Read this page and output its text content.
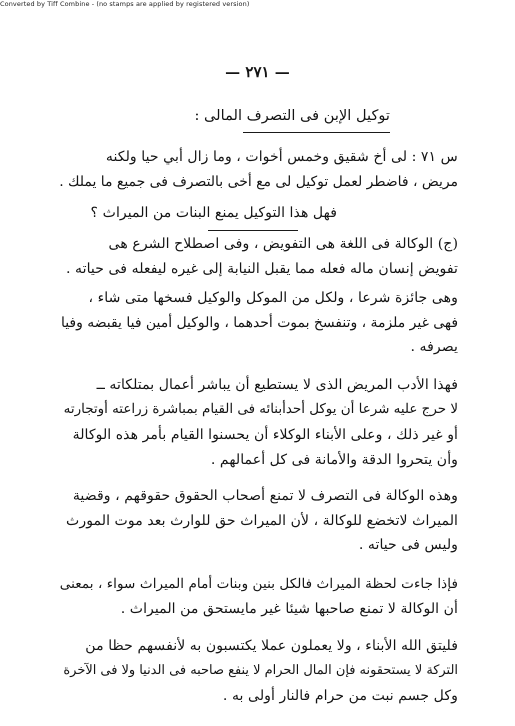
Converted by Tiff Combine - (no stamps are applied by registered version)
— ٢٧١ —
توكيل الإبن فى التصرف المالى :
س ٧١ : لى أخ شقيق وخمس أخوات ، وما زال أبي حيا ولكنه
مريض ، فاضطر لعمل توكيل لى مع أخى بالتصرف فى جميع ما يملك .
فهل هذا التوكيل يمنع البنات من الميراث ؟
(ج) الوكالة فى اللغة هى التفويض ، وفى اصطلاح الشرع هى
تفويض إنسان ماله فعله مما يقبل النيابة إلى غيره ليفعله فى حياته .
وهى جائزة شرعا ، ولكل من الموكل والوكيل فسخها متى شاء ،
فهى غير ملزمة ، وتنفسخ بموت أحدهما ، والوكيل أمين فيا يقبضه وفيا
يصرفه .
فهذا الأدب المريض الذى لا يستطيع أن يباشر أعمال بمتلكاته ــ
لا حرج عليه شرعا أن يوكل أحدأبنائه فى القيام بمباشرة زراعته أوتجارته
أو غير ذلك ، وعلى الأبناء الوكلاء أن يحسنوا القيام بأمر هذه الوكالة
وأن يتحروا الدقة والأمانة فى كل أعمالهم .
وهذه الوكالة فى التصرف لا تمنع أصحاب الحقوق حقوقهم ، وقضية
الميراث لاتخضع للوكالة ، لأن الميراث حق للوارث بعد موت المورث
وليس فى حياته .
فإذا جاءت لحظة الميراث فالكل بنين وبنات أمام الميراث سواء ، بمعنى
أن الوكالة لا تمنع صاحبها شيئا غير مايستحق من الميراث .
فليتق الله الأبناء ، ولا يعملون عملا يكتسبون به لأنفسهم حظا من
التركة لا يستحقونه فإن المال الحرام لا ينفع صاحبه فى الدنيا ولا فى الآخرة
وكل جسم نبت من حرام فالنار أولى به .
